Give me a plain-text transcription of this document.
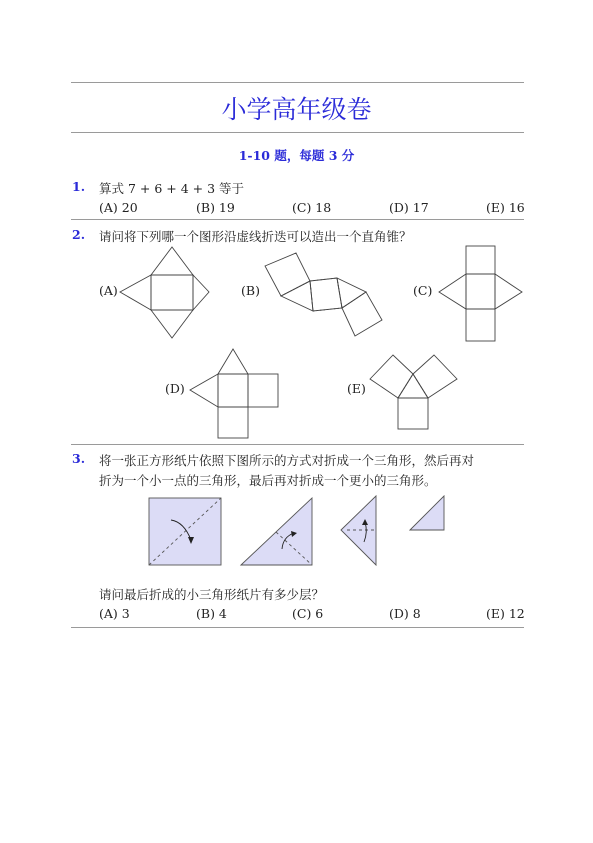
小学高年级卷
1-10 题，每题 3 分
1. 算式 7 + 6 + 4 + 3 等于
(A) 20	(B) 19	(C) 18	(D) 17	(E) 16
2. 请问将下列哪一个图形沿虚线折迭可以造出一个直角锥？
(A)	(B)	(C)
(D)	(E)
3. 将一张正方形纸片依照下图所示的方式对折成一个三角形，然后再对
折为一个小一点的三角形，最后再对折成一个更小的三角形。
请问最后折成的小三角形纸片有多少层？
(A) 3	(B) 4	(C) 6	(D) 8	(E) 12
